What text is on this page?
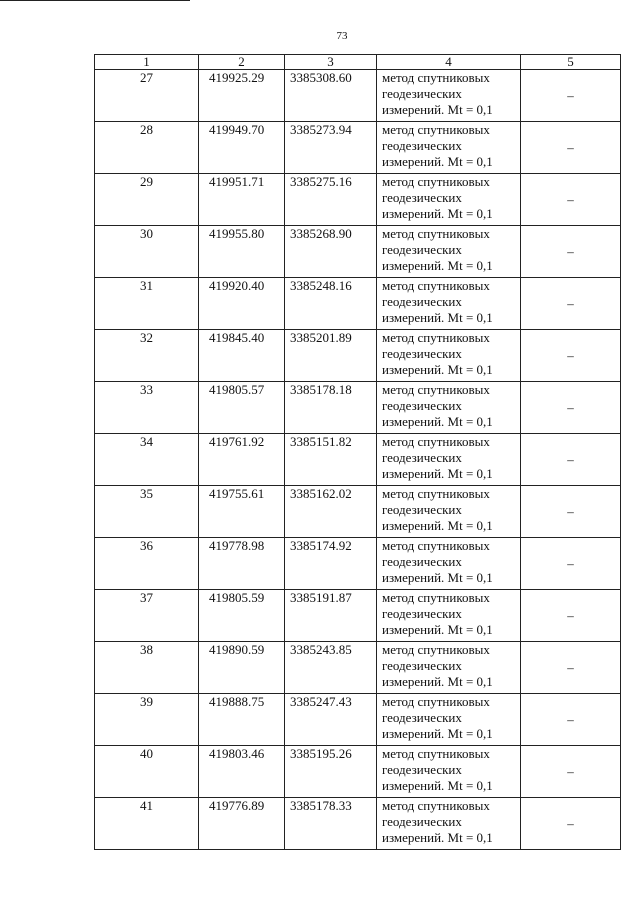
73
1	2	3	4	5
27	419925.29	3385308.60	метод спутниковых
геодезических
измерений. Mt = 0,1	–
28	419949.70	3385273.94	метод спутниковых
геодезических
измерений. Mt = 0,1	–
29	419951.71	3385275.16	метод спутниковых
геодезических
измерений. Mt = 0,1	–
30	419955.80	3385268.90	метод спутниковых
геодезических
измерений. Mt = 0,1	–
31	419920.40	3385248.16	метод спутниковых
геодезических
измерений. Mt = 0,1	–
32	419845.40	3385201.89	метод спутниковых
геодезических
измерений. Mt = 0,1	–
33	419805.57	3385178.18	метод спутниковых
геодезических
измерений. Mt = 0,1	–
34	419761.92	3385151.82	метод спутниковых
геодезических
измерений. Mt = 0,1	–
35	419755.61	3385162.02	метод спутниковых
геодезических
измерений. Mt = 0,1	–
36	419778.98	3385174.92	метод спутниковых
геодезических
измерений. Mt = 0,1	–
37	419805.59	3385191.87	метод спутниковых
геодезических
измерений. Mt = 0,1	–
38	419890.59	3385243.85	метод спутниковых
геодезических
измерений. Mt = 0,1	–
39	419888.75	3385247.43	метод спутниковых
геодезических
измерений. Mt = 0,1	–
40	419803.46	3385195.26	метод спутниковых
геодезических
измерений. Mt = 0,1	–
41	419776.89	3385178.33	метод спутниковых
геодезических
измерений. Mt = 0,1	–
